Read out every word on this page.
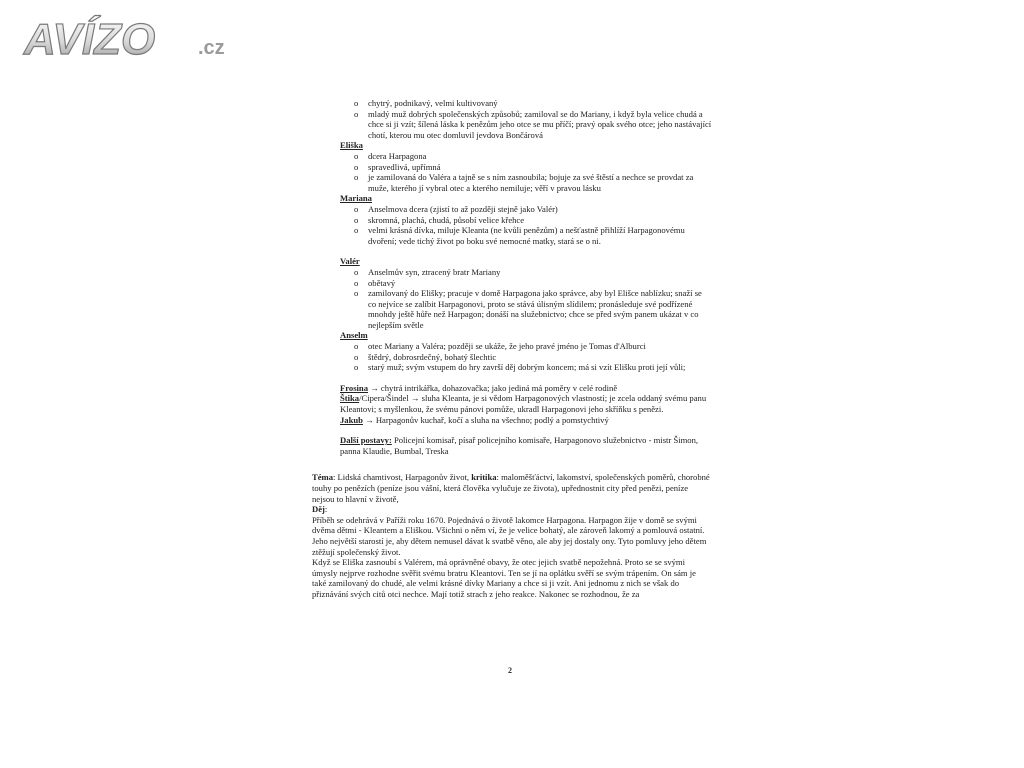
AVÍZO .cz
o chytrý, podnikavý, velmi kultivovaný
o mladý muž dobrých společenských způsobů; zamiloval se do Mariany, i když byla velice chudá a chce si ji vzít; šílená láska k penězům jeho otce se mu příčí; pravý opak svého otce; jeho nastávající chotí, kterou mu otec domluvil jevdova Bončárová
Eliška
o dcera Harpagona
o spravedlivá, upřímná
o je zamilovaná do Valéra a tajně se s ním zasnoubila; bojuje za své štěstí a nechce se provdat za muže, kterého jí vybral otec a kterého nemiluje; věří v pravou lásku
Mariana
o Anselmova dcera (zjistí to až později stejně jako Valér)
o skromná, plachá, chudá, působí velice křehce
o velmi krásná dívka, miluje Kleanta (ne kvůli penězům) a nešťastně přihlíží Harpagonovému dvoření; vede tichý život po boku své nemocné matky, stará se o ni.
Valér
o Anselmův syn, ztracený bratr Mariany
o obětavý
o zamilovaný do Elišky; pracuje v domě Harpagona jako správce, aby byl Elišce nablízku; snaží se co nejvíce se zalíbit Harpagonovi, proto se stává úlisným slídilem; pronásleduje své podřízené mnohdy ještě hůře než Harpagon; donáší na služebnictvo; chce se před svým panem ukázat v co nejlepším světle
Anselm
o otec Mariany a Valéra; později se ukáže, že jeho pravé jméno je Tomas d'Alburci
o štědrý, dobrosrdečný, bohatý šlechtic
o starý muž; svým vstupem do hry završí děj dobrým koncem; má si vzít Elišku proti její vůli;
Frosina → chytrá intrikářka, dohazovačka; jako jediná má poměry v celé rodině
Štika/Cipera/Šindel → sluha Kleanta, je si vědom Harpagonových vlastností; je zcela oddaný svému panu Kleantovi; s myšlenkou, že svému pánovi pomůže, ukradl Harpagonovi jeho skříňku s penězi.
Jakub → Harpagonův kuchař, kočí a sluha na všechno; podlý a pomstychtivý
Další postavy: Policejní komisař, písař policejního komisaře, Harpagonovo služebnictvo - mistr Šimon, panna Klaudie, Bumbal, Treska

Téma: Lidská chamtivost, Harpagonův život, kritika: maloměšťáctví, lakomství, společenských poměrů, chorobné touhy po penězích (peníze jsou vášní, která člověka vylučuje ze života), upřednostnit city před penězi, peníze nejsou to hlavní v životě,

Děj:

Příběh se odehrává v Paříži roku 1670. Pojednává o životě lakomce Harpagona. Harpagon žije v domě se svými dvěma dětmi - Kleantem a Eliškou. Všichni o něm ví, že je velice bohatý, ale zároveň lakomý a pomlouvá ostatní. Jeho největší starostí je, aby dětem nemusel dávat k svatbě věno, ale aby jej dostaly ony. Tyto pomluvy jeho dětem ztěžují společenský život.

Když se Eliška zasnoubí s Valérem, má oprávněné obavy, že otec jejich svatbě nepožehná. Proto se se svými úmysly nejprve rozhodne svěřit svému bratru Kleantovi. Ten se jí na oplátku svěří se svým trápením. On sám je také zamilovaný do chudé, ale velmi krásné dívky Mariany a chce si ji vzít. Ani jednomu z nich se však do přiznávání svých citů otci nechce. Mají totiž strach z jeho reakce. Nakonec se rozhodnou, že za

2
